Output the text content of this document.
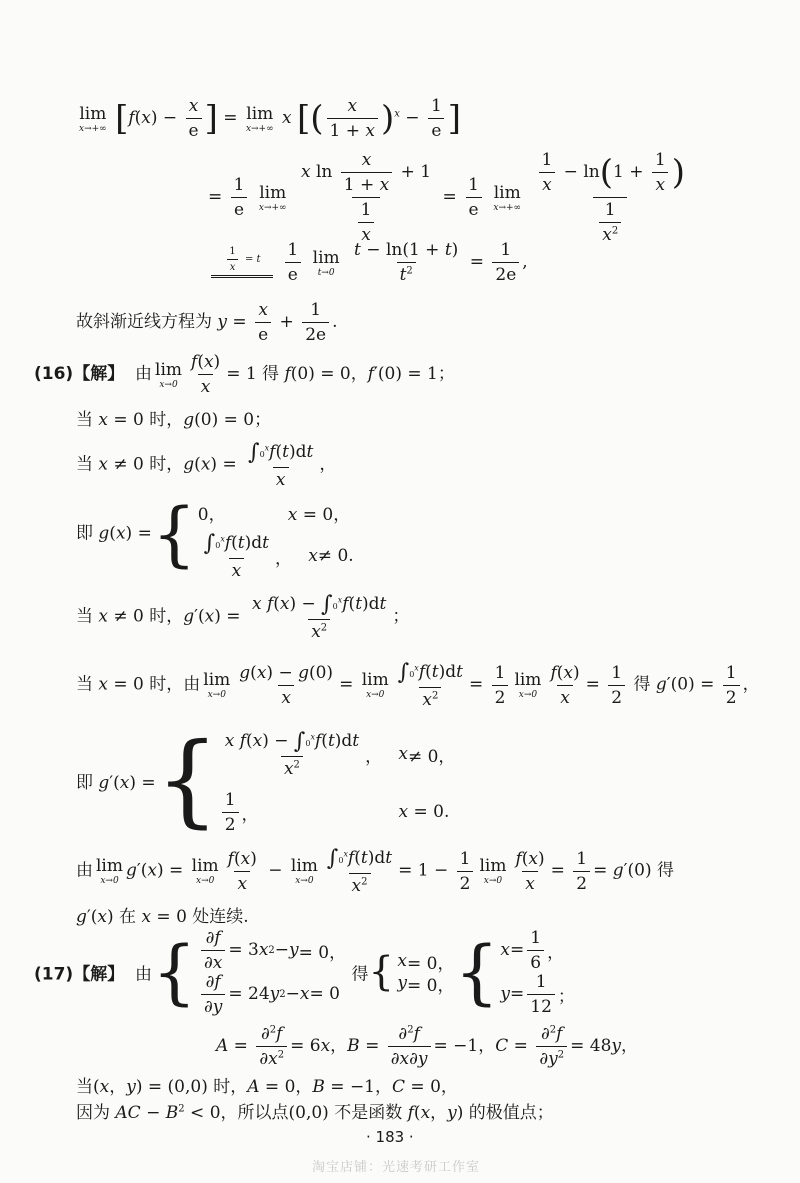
lim
x→+∞ [$f(x) - \frac{x}{e}$ ] = lim
x→+∞
x [( $\frac{x}{1 + x} )^x - \frac{1}{e}$ ]
= $\frac{1}{e}$
lim
x→+∞
$\frac{x \ln \frac{x}{1 + x} + 1}{\frac{1}{x}} = \frac{1}{e}$
lim
x→+∞
$\frac{\frac{1}{x} - \ln(1 + \frac{1}{x} )}{\frac{1}{x^2}}$
$\frac{1}{x} = t$
$\frac{1}{e}$
lim
t→0
$\frac{t - \ln(1 + t)}{t^2} = \frac{1}{2e}$ ,
故斜渐近线方程为 $y = \frac{x}{e} + \frac{1}{2e}$ .
(16)【解】  由 lim
$x\to 0 \frac{f(x)}{x} = 1$ 得 f(0) = 0，f′(0) = 1；
当 x = 0 时，g(0) = 0；
当 x ≠ 0 时，$g(x) = \frac{\int 0^xf(t)dt}{x}$ ，
即 g(x) ={ 0，	x = 0，
$\frac{\int 0^xf(t)dt}{x}$ ， x ≠ 0.
当 x ≠ 0 时，$g'(x) = \frac{x f(x) - \int 0^xf(t)dt}{x^2}$ ；
当 x = 0 时，由 lim
$x\to 0 \frac{g(x) - g(0)}{x} = \lim$
$x\to 0 \frac{\int 0^xf(t)dt}{x^2} = \frac{1}{2}$ lim
$x\to 0 \frac{f(x)}{x} = \frac{1}{2}$ 得 $g'(0) = \frac{1}{2}$ ，
即 g′(x) ={ $\frac{x f(x) - \int 0^xf(t)dt}{x^2}$ ， x ≠ 0，
$\frac{1}{2}$ ，	x = 0.
由 lim
x→0
g′(x) = lim
$x\to 0 \frac{f(x)}{x} - \lim$
$x\to 0 \frac{\int 0^xf(t)dt}{x^2} = 1 - \frac{1}{2}$ lim
$x\to 0 \frac{f(x)}{x} = \frac{1}{2} = g'(0)$ 得
g′(x) 在 x = 0 处连续.
(17)【解】  由{ $\frac{\partial f}{\partial x} = 3$ x 2 − y = 0，
$\frac{\partial f}{\partial y} = 24$ y 2 − x = 0
得{ x = 0，
y = 0， { $x = \frac{1}{6}$ ，
$y = \frac{1}{12}$ ；
$A = \frac{\partial^2f}{\partial x^2} = 6x$，$B = \frac{\partial^2f}{\partial x\partial y} = -1$，$C = \frac{\partial^2f}{\partial y^2} = 48y$，
当(x，y) = (0,0) 时，A = 0，B = −1，C = 0，
因为 AC − $B^2 < 0$，所以点(0,0) 不是函数 f(x，y) 的极值点；
· 183 ·
淘宝店铺：光速考研工作室
